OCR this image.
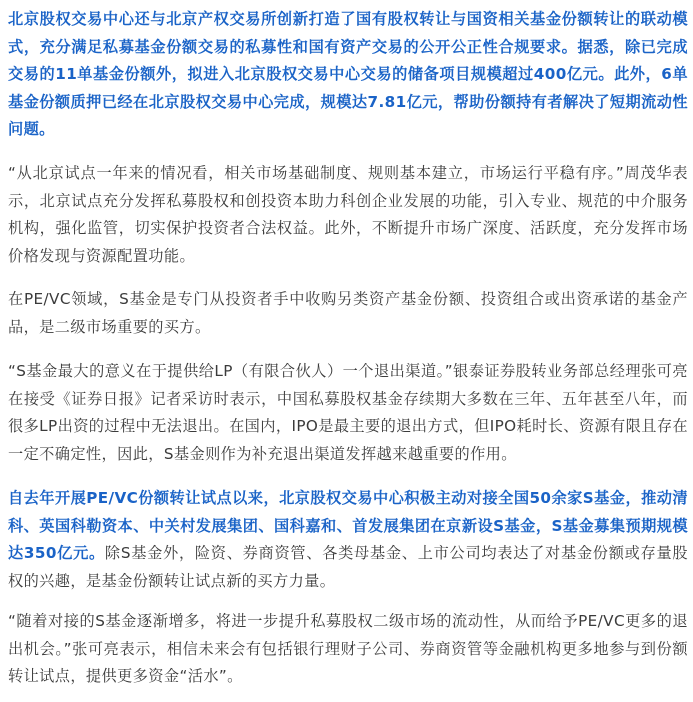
北京股权交易中心还与北京产权交易所创新打造了国有股权转让与国资相关基金份额转让的联动模式，充分满足私募基金份额交易的私募性和国有资产交易的公开公正性合规要求。据悉，除已完成交易的11单基金份额外，拟进入北京股权交易中心交易的储备项目规模超过400亿元。此外，6单基金份额质押已经在北京股权交易中心完成，规模达7.81亿元，帮助份额持有者解决了短期流动性问题。

“从北京试点一年来的情况看，相关市场基础制度、规则基本建立，市场运行平稳有序。”周茂华表示，北京试点充分发挥私募股权和创投资本助力科创企业发展的功能，引入专业、规范的中介服务机构，强化监管，切实保护投资者合法权益。此外，不断提升市场广深度、活跃度，充分发挥市场价格发现与资源配置功能。

在PE/VC领域，S基金是专门从投资者手中收购另类资产基金份额、投资组合或出资承诺的基金产品，是二级市场重要的买方。

“S基金最大的意义在于提供给LP（有限合伙人）一个退出渠道。”银泰证券股转业务部总经理张可亮在接受《证券日报》记者采访时表示，中国私募股权基金存续期大多数在三年、五年甚至八年，而很多LP出资的过程中无法退出。在国内，IPO是最主要的退出方式，但IPO耗时长、资源有限且存在一定不确定性，因此，S基金则作为补充退出渠道发挥越来越重要的作用。

自去年开展PE/VC份额转让试点以来，北京股权交易中心积极主动对接全国50余家S基金，推动清科、英国科勒资本、中关村发展集团、国科嘉和、首发展集团在京新设S基金，S基金募集预期规模达350亿元。除S基金外，险资、券商资管、各类母基金、上市公司均表达了对基金份额或存量股权的兴趣，是基金份额转让试点新的买方力量。

“随着对接的S基金逐渐增多，将进一步提升私募股权二级市场的流动性，从而给予PE/VC更多的退出机会。”张可亮表示，相信未来会有包括银行理财子公司、券商资管等金融机构更多地参与到份额转让试点，提供更多资金“活水”。
